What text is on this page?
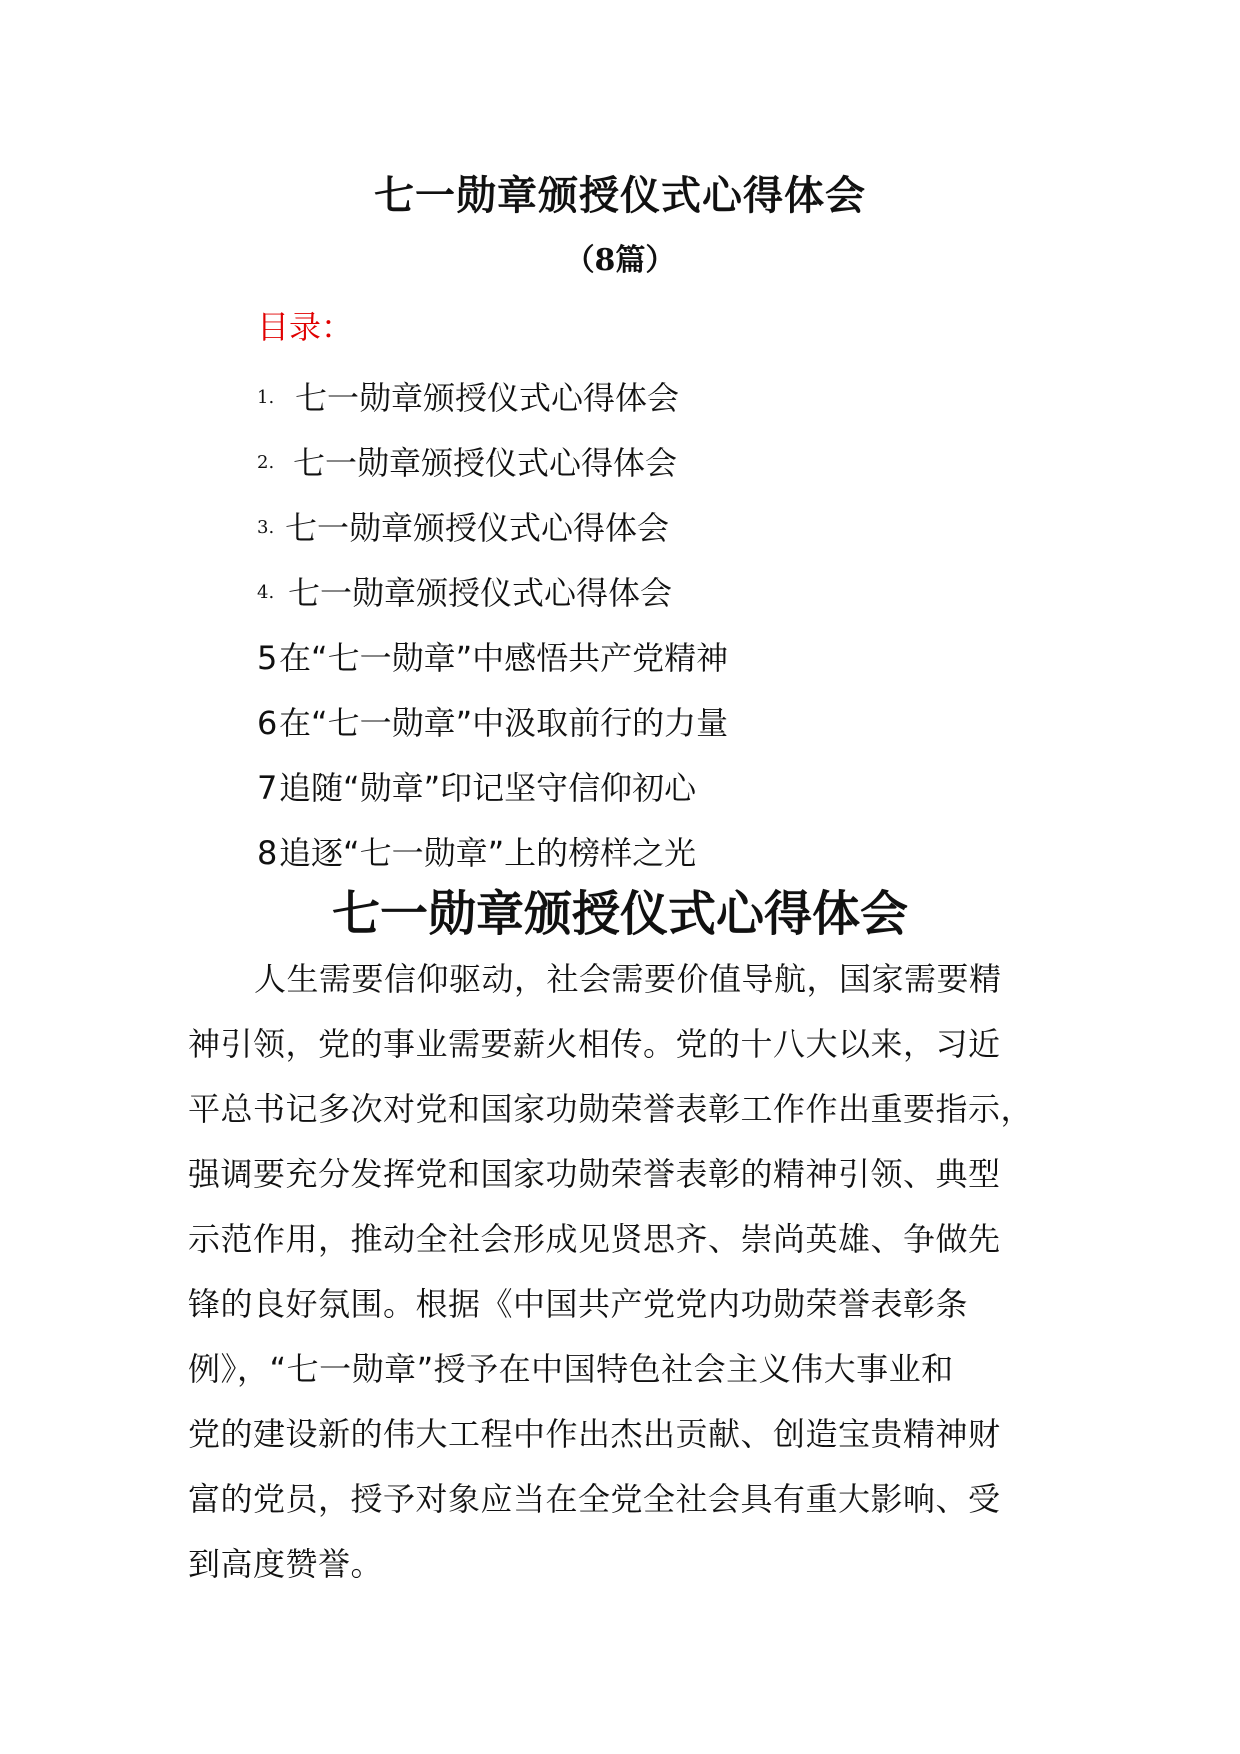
七一勋章颁授仪式心得体会
（8篇）
目录：
1. 七一勋章颁授仪式心得体会
2. 七一勋章颁授仪式心得体会
3. 七一勋章颁授仪式心得体会
4. 七一勋章颁授仪式心得体会
5 在“七一勋章”中感悟共产党精神
6 在“七一勋章”中汲取前行的力量
7 追随“勋章”印记坚守信仰初心
8 追逐“七一勋章”上的榜样之光
七一勋章颁授仪式心得体会
人生需要信仰驱动，社会需要价值导航，国家需要精
神引领，党的事业需要薪火相传。党的十八大以来，习近
平总书记多次对党和国家功勋荣誉表彰工作作出重要指示，
强调要充分发挥党和国家功勋荣誉表彰的精神引领、典型
示范作用，推动全社会形成见贤思齐、崇尚英雄、争做先
锋的良好氛围。根据《中国共产党党内功勋荣誉表彰条
例》，“七一勋章”授予在中国特色社会主义伟大事业和
党的建设新的伟大工程中作出杰出贡献、创造宝贵精神财
富的党员，授予对象应当在全党全社会具有重大影响、受
到高度赞誉。
